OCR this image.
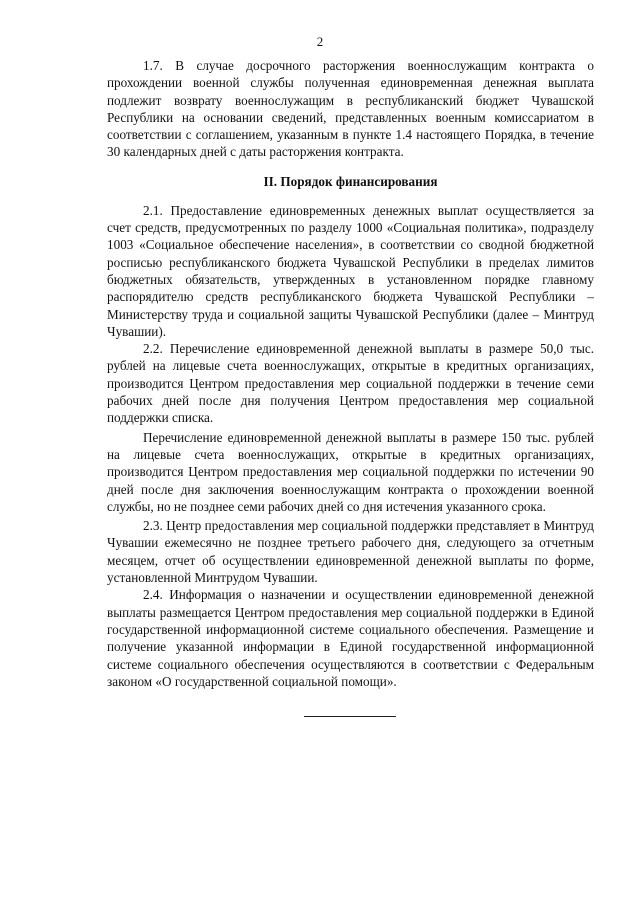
2

1.7. В случае досрочного расторжения военнослужащим контракта о прохождении военной службы полученная единовременная денежная выплата подлежит возврату военнослужащим в республиканский бюджет Чувашской Республики на основании сведений, представленных военным комиссариатом в соответствии с соглашением, указанным в пункте 1.4 настоящего Порядка, в течение 30 календарных дней с даты расторжения контракта.

II. Порядок финансирования

2.1. Предоставление единовременных денежных выплат осуществляется за счет средств, предусмотренных по разделу 1000 «Социальная политика», подразделу 1003 «Социальное обеспечение населения», в соответствии со сводной бюджетной росписью республиканского бюджета Чувашской Республики в пределах лимитов бюджетных обязательств, утвержденных в установленном порядке главному распорядителю средств республиканского бюджета Чувашской Республики – Министерству труда и социальной защиты Чувашской Республики (далее – Минтруд Чувашии).

2.2. Перечисление единовременной денежной выплаты в размере 50,0 тыс. рублей на лицевые счета военнослужащих, открытые в кредитных организациях, производится Центром предоставления мер социальной поддержки в течение семи рабочих дней после дня получения Центром предоставления мер социальной поддержки списка.

Перечисление единовременной денежной выплаты в размере 150 тыс. рублей на лицевые счета военнослужащих, открытые в кредитных организациях, производится Центром предоставления мер социальной поддержки по истечении 90 дней после дня заключения военнослужащим контракта о прохождении военной службы, но не позднее семи рабочих дней со дня истечения указанного срока.

2.3. Центр предоставления мер социальной поддержки представляет в Минтруд Чувашии ежемесячно не позднее третьего рабочего дня, следующего за отчетным месяцем, отчет об осуществлении единовременной денежной выплаты по форме, установленной Минтрудом Чувашии.

2.4. Информация о назначении и осуществлении единовременной денежной выплаты размещается Центром предоставления мер социальной поддержки в Единой государственной информационной системе социального обеспечения. Размещение и получение указанной информации в Единой государственной информационной системе социального обеспечения осуществляются в соответствии с Федеральным законом «О государственной социальной помощи».
